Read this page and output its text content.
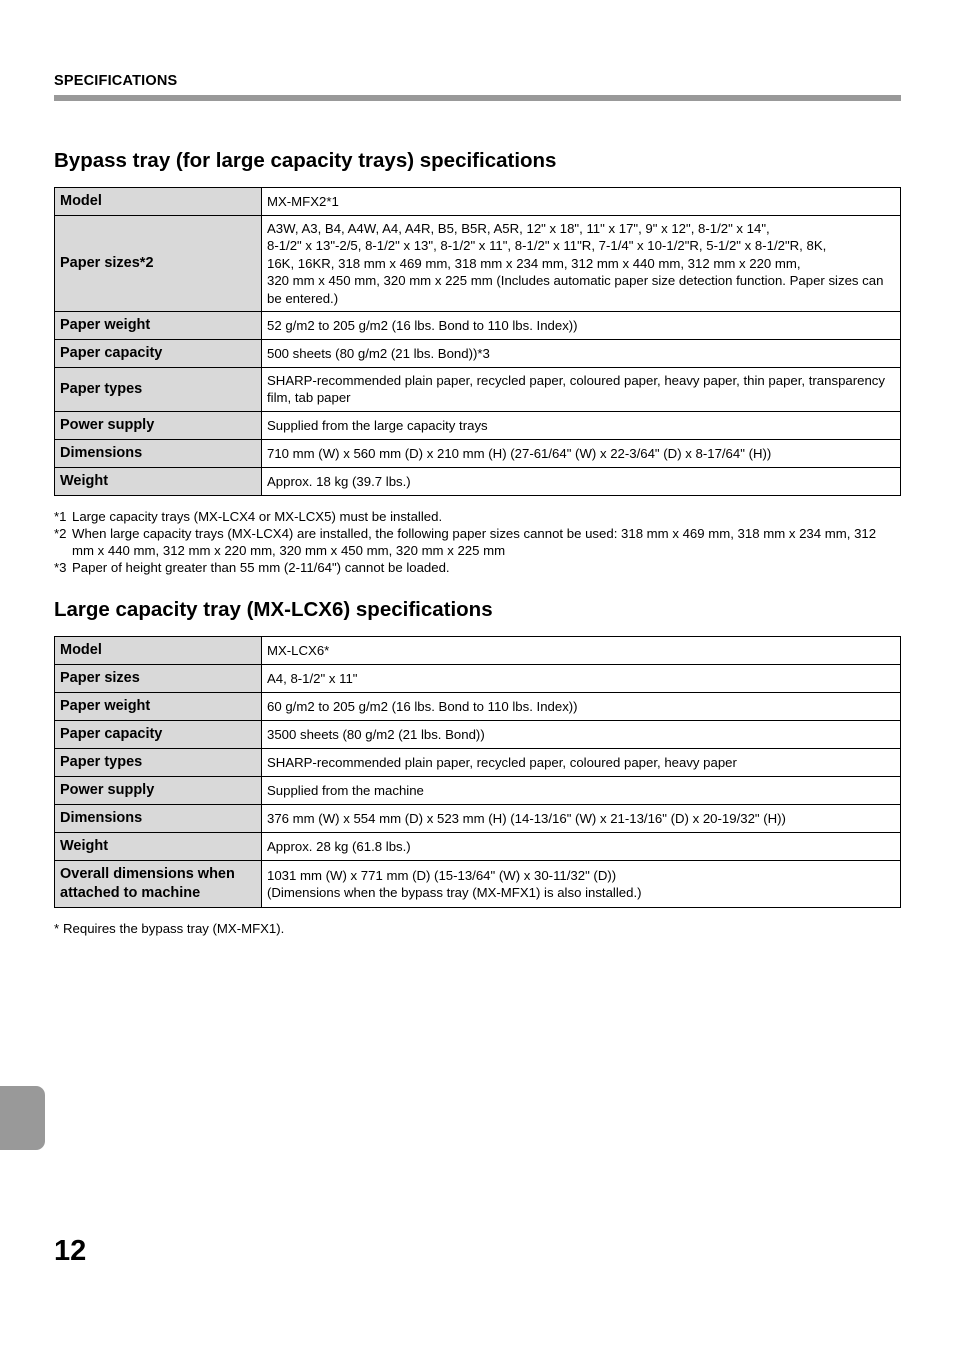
SPECIFICATIONS
Bypass tray (for large capacity trays) specifications
Model	MX-MFX2*1
Paper sizes*2	A3W, A3, B4, A4W, A4, A4R, B5, B5R, A5R, 12" x 18", 11" x 17", 9" x 12", 8-1/2" x 14",
8-1/2" x 13"-2/5, 8-1/2" x 13", 8-1/2" x 11", 8-1/2" x 11"R, 7-1/4" x 10-1/2"R, 5-1/2" x 8-1/2"R, 8K,
16K, 16KR, 318 mm x 469 mm, 318 mm x 234 mm, 312 mm x 440 mm, 312 mm x 220 mm,
320 mm x 450 mm, 320 mm x 225 mm (Includes automatic paper size detection function. Paper sizes can be entered.)
Paper weight	52 g/m2 to 205 g/m2 (16 lbs. Bond to 110 lbs. Index))
Paper capacity	500 sheets (80 g/m2 (21 lbs. Bond))*3
Paper types	SHARP-recommended plain paper, recycled paper, coloured paper, heavy paper, thin paper, transparency film, tab paper
Power supply	Supplied from the large capacity trays
Dimensions	710 mm (W) x 560 mm (D) x 210 mm (H) (27-61/64" (W) x 22-3/64" (D) x 8-17/64" (H))
Weight	Approx. 18 kg (39.7 lbs.)
*1 Large capacity trays (MX-LCX4 or MX-LCX5) must be installed.
*2 When large capacity trays (MX-LCX4) are installed, the following paper sizes cannot be used: 318 mm x 469 mm, 318 mm x 234 mm, 312 mm x 440 mm, 312 mm x 220 mm, 320 mm x 450 mm, 320 mm x 225 mm
*3 Paper of height greater than 55 mm (2-11/64") cannot be loaded.
Large capacity tray (MX-LCX6) specifications
Model	MX-LCX6*
Paper sizes	A4, 8-1/2" x 11"
Paper weight	60 g/m2 to 205 g/m2 (16 lbs. Bond to 110 lbs. Index))
Paper capacity	3500 sheets (80 g/m2 (21 lbs. Bond))
Paper types	SHARP-recommended plain paper, recycled paper, coloured paper, heavy paper
Power supply	Supplied from the machine
Dimensions	376 mm (W) x 554 mm (D) x 523 mm (H) (14-13/16" (W) x 21-13/16" (D) x 20-19/32" (H))
Weight	Approx. 28 kg (61.8 lbs.)
Overall dimensions when attached to machine	1031 mm (W) x 771 mm (D) (15-13/64" (W) x 30-11/32" (D))
(Dimensions when the bypass tray (MX-MFX1) is also installed.)
* Requires the bypass tray (MX-MFX1).
12
